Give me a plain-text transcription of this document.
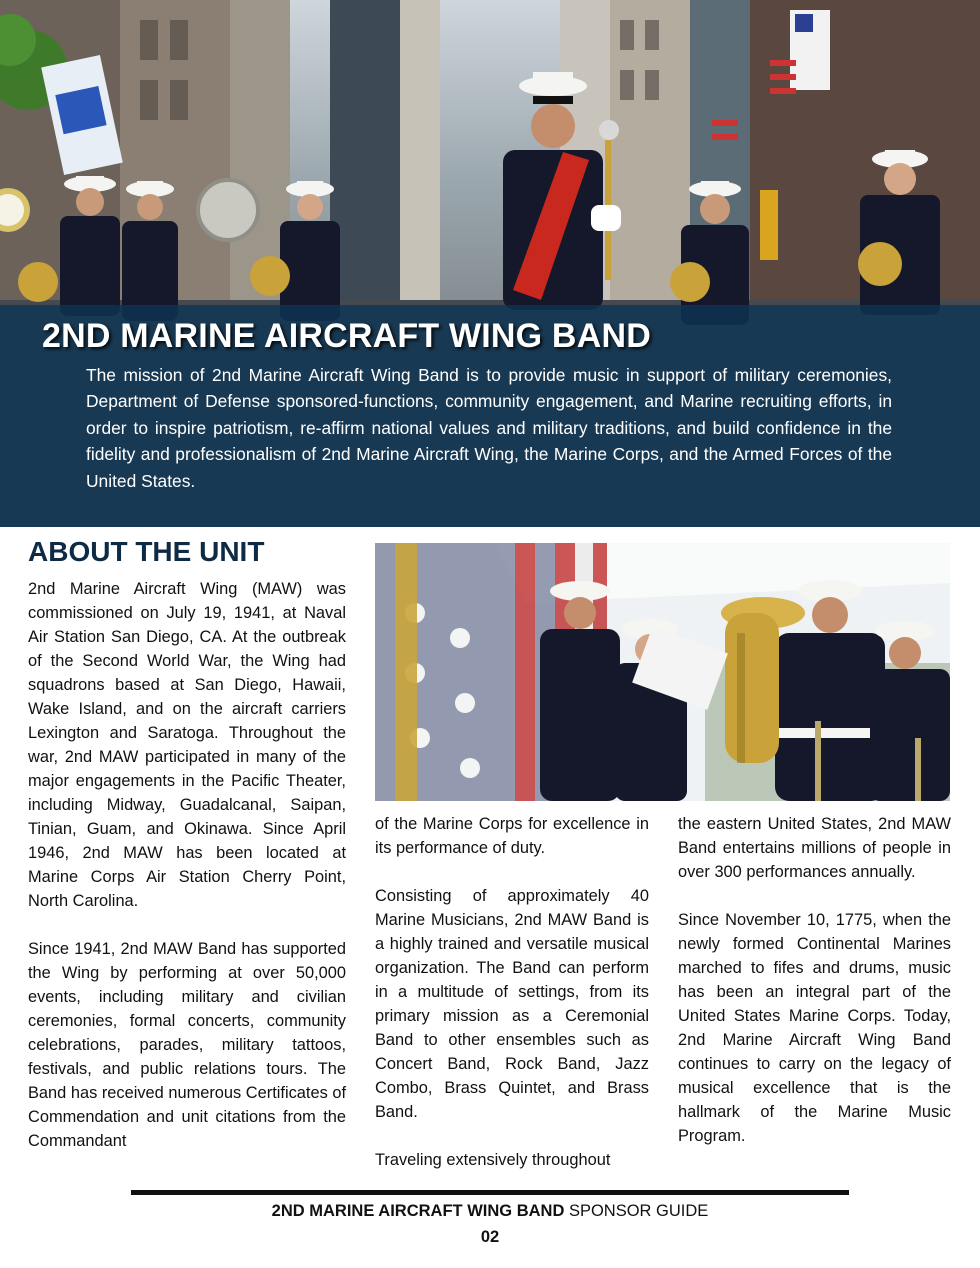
2ND MARINE AIRCRAFT WING BAND

The mission of 2nd Marine Aircraft Wing Band is to provide music in support of military ceremonies, Department of Defense sponsored-functions, community engagement, and Marine recruiting efforts, in order to inspire patriotism, re-affirm national values and military traditions, and build confidence in the fidelity and professionalism of 2nd Marine Aircraft Wing, the Marine Corps, and the Armed Forces of the United States.

ABOUT THE UNIT

2nd Marine Aircraft Wing (MAW) was commissioned on July 19, 1941, at Naval Air Station San Diego, CA. At the outbreak of the Second World War, the Wing had squadrons based at San Diego, Hawaii, Wake Island, and on the aircraft carriers Lexington and Saratoga. Throughout the war, 2nd MAW participated in many of the major engagements in the Pacific Theater, including Midway, Guadalcanal, Saipan, Tinian, Guam, and Okinawa. Since April 1946, 2nd MAW has been located at Marine Corps Air Station Cherry Point, North Carolina.

Since 1941, 2nd MAW Band has supported the Wing by performing at over 50,000 events, including military and civilian ceremonies, formal concerts, community celebrations, parades, military tattoos, festivals, and public relations tours. The Band has received numerous Certificates of Commendation and unit citations from the Commandant

of the Marine Corps for excellence in its performance of duty.

Consisting of approximately 40 Marine Musicians, 2nd MAW Band is a highly trained and versatile musical organization. The Band can perform in a multitude of settings, from its primary mission as a Ceremonial Band to other ensembles such as Concert Band, Rock Band, Jazz Combo, Brass Quintet, and Brass Band.

Traveling extensively throughout

the eastern United States, 2nd MAW Band entertains millions of people in over 300 performances annually.

Since November 10, 1775, when the newly formed Continental Marines marched to fifes and drums, music has been an integral part of the United States Marine Corps. Today, 2nd Marine Aircraft Wing Band continues to carry on the legacy of musical excellence that is the hallmark of the Marine Music Program.

2ND MARINE AIRCRAFT WING BAND SPONSOR GUIDE
02
